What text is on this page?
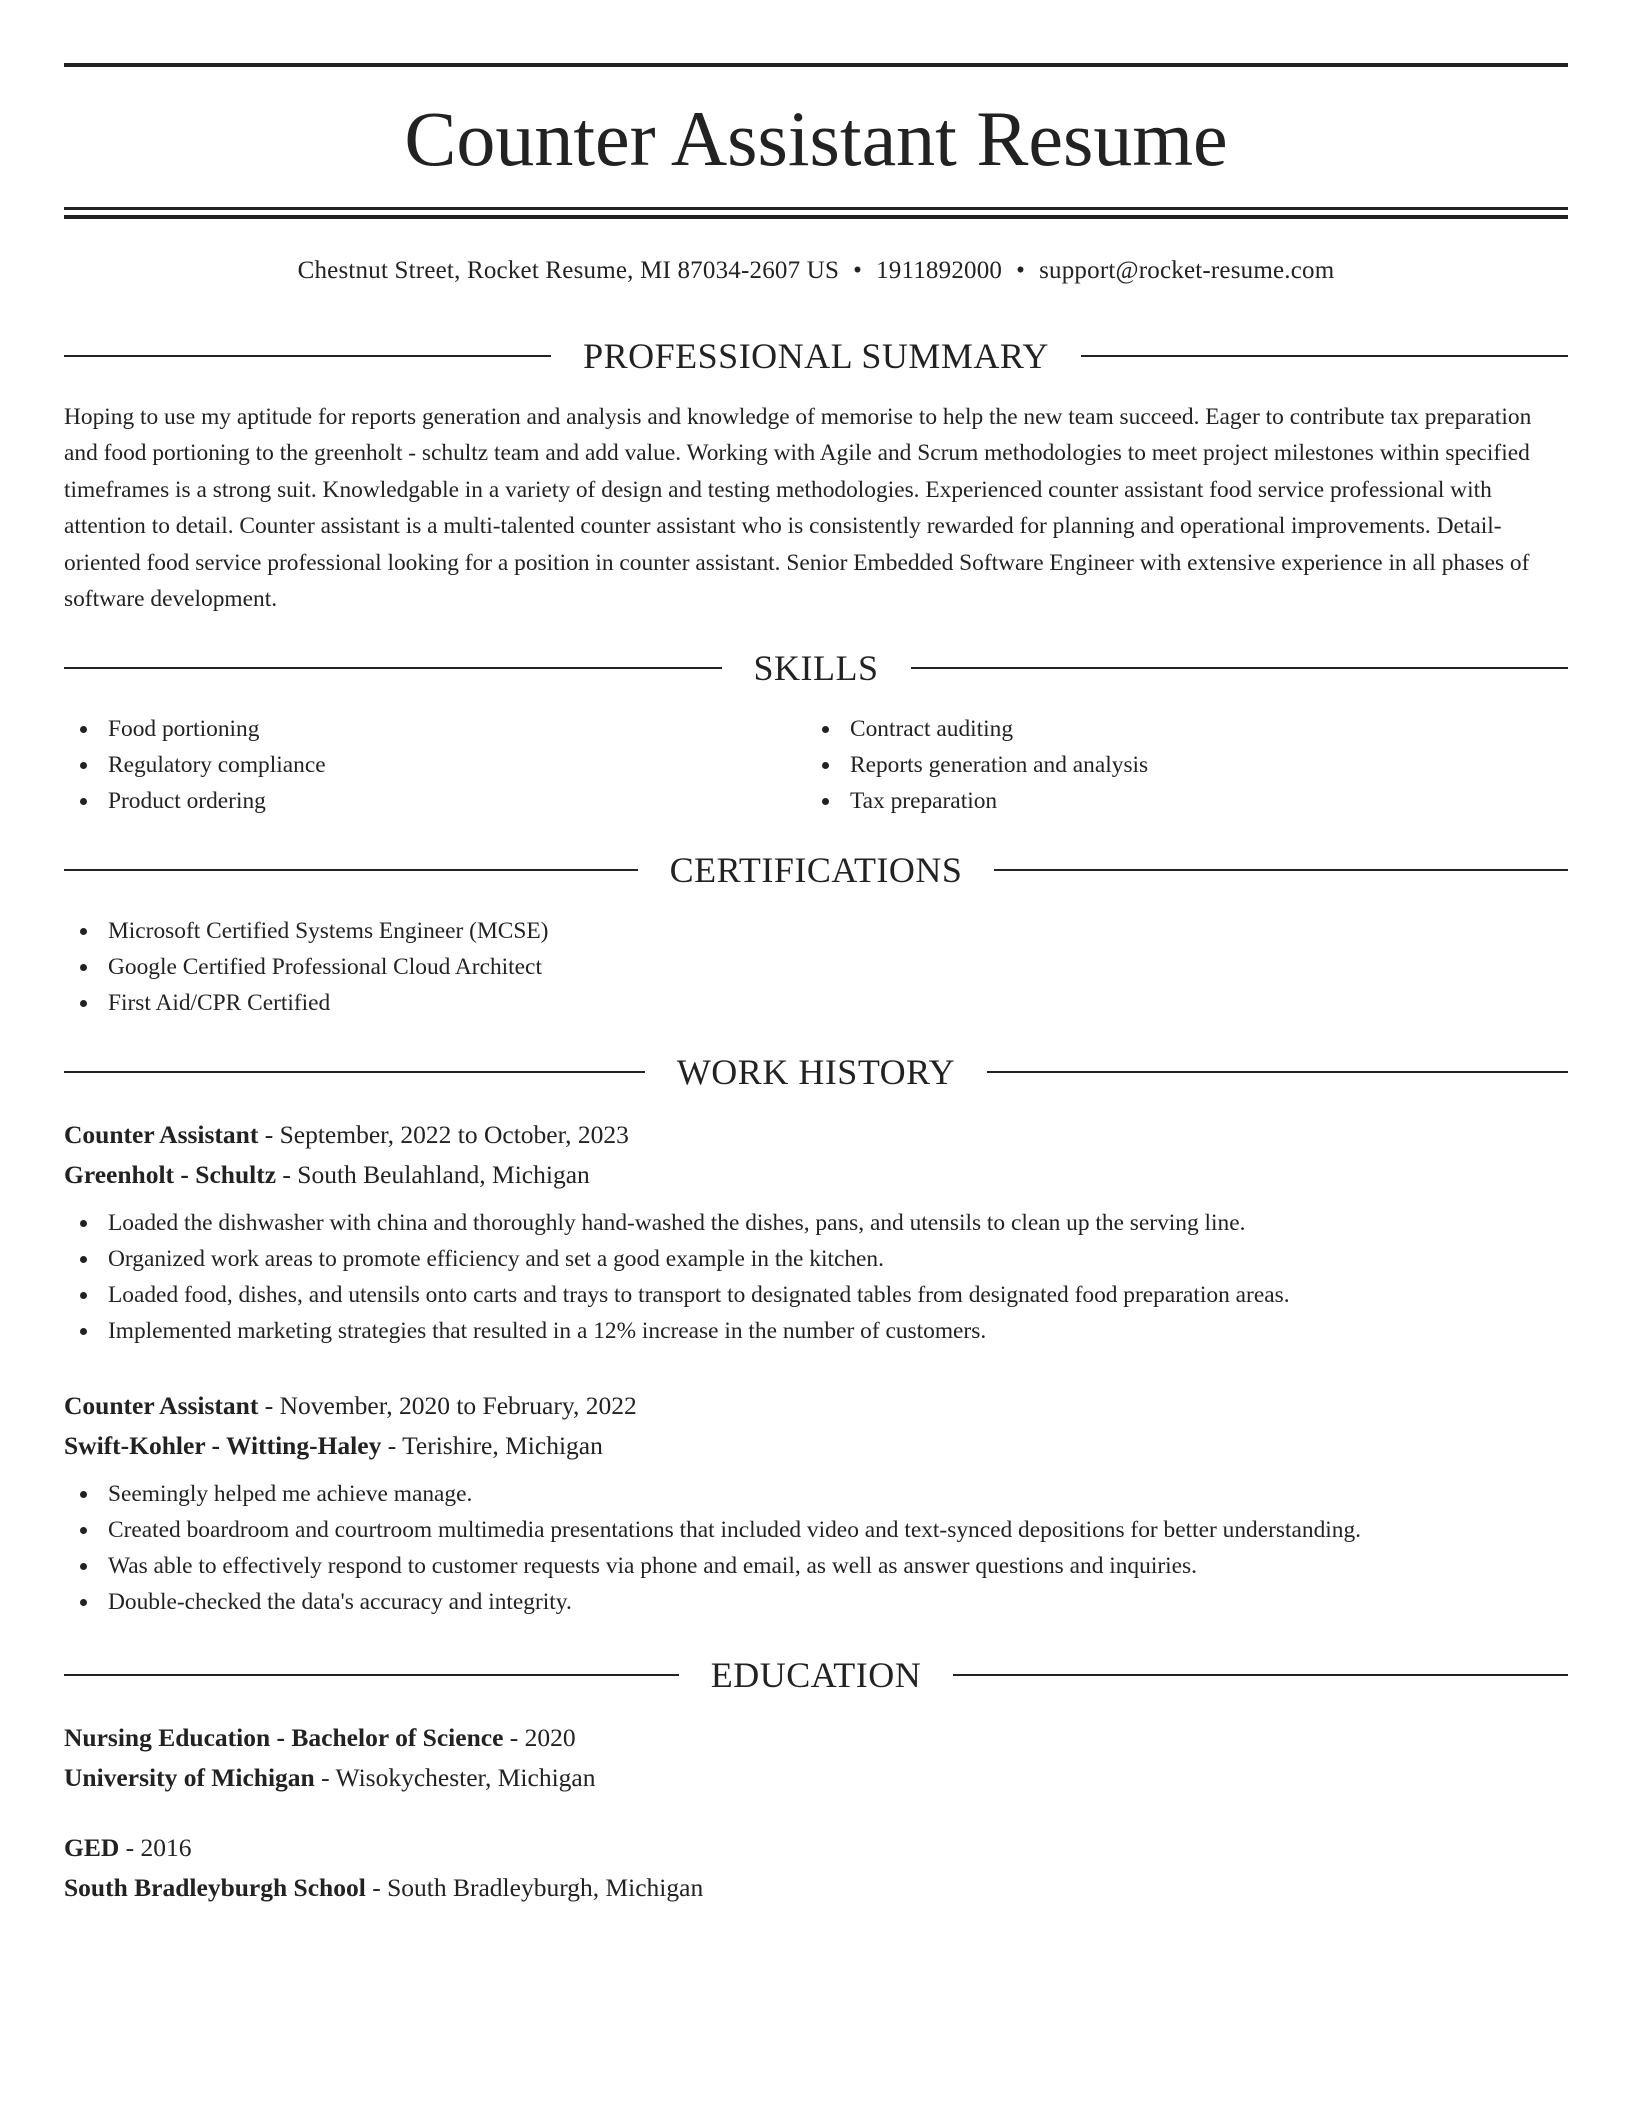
Counter Assistant Resume
Chestnut Street, Rocket Resume, MI 87034-2607 US • 1911892000 • support@rocket-resume.com
PROFESSIONAL SUMMARY

Hoping to use my aptitude for reports generation and analysis and knowledge of memorise to help the new team succeed. Eager to contribute tax preparation and food portioning to the greenholt - schultz team and add value. Working with Agile and Scrum methodologies to meet project milestones within specified timeframes is a strong suit. Knowledgable in a variety of design and testing methodologies. Experienced counter assistant food service professional with attention to detail. Counter assistant is a multi-talented counter assistant who is consistently rewarded for planning and operational improvements. Detail-oriented food service professional looking for a position in counter assistant. Senior Embedded Software Engineer with extensive experience in all phases of software development.

SKILLS
Food portioning
Regulatory compliance
Product ordering
Contract auditing
Reports generation and analysis
Tax preparation
CERTIFICATIONS
Microsoft Certified Systems Engineer (MCSE)
Google Certified Professional Cloud Architect
First Aid/CPR Certified
WORK HISTORY
Counter Assistant - September, 2022 to October, 2023
Greenholt - Schultz - South Beulahland, Michigan
Loaded the dishwasher with china and thoroughly hand-washed the dishes, pans, and utensils to clean up the serving line.
Organized work areas to promote efficiency and set a good example in the kitchen.
Loaded food, dishes, and utensils onto carts and trays to transport to designated tables from designated food preparation areas.
Implemented marketing strategies that resulted in a 12% increase in the number of customers.
Counter Assistant - November, 2020 to February, 2022
Swift-Kohler - Witting-Haley - Terishire, Michigan
Seemingly helped me achieve manage.
Created boardroom and courtroom multimedia presentations that included video and text-synced depositions for better understanding.
Was able to effectively respond to customer requests via phone and email, as well as answer questions and inquiries.
Double-checked the data's accuracy and integrity.
EDUCATION
Nursing Education - Bachelor of Science - 2020
University of Michigan - Wisokychester, Michigan
GED - 2016
South Bradleyburgh School - South Bradleyburgh, Michigan
